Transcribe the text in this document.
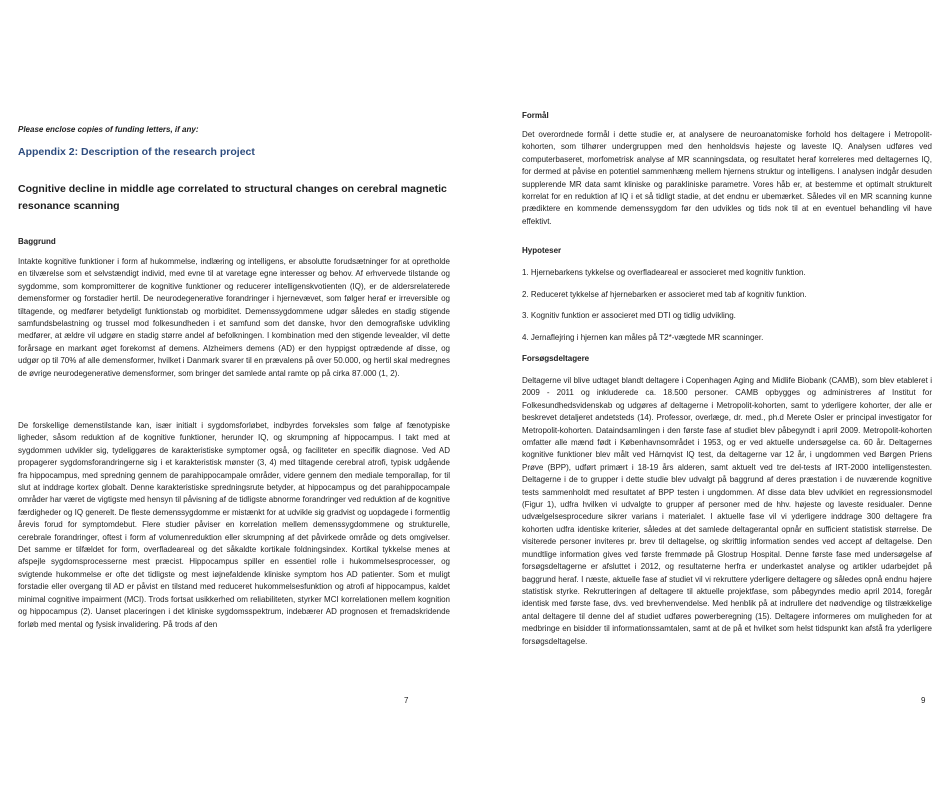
Please enclose copies of funding letters, if any:
Appendix 2: Description of the research project
Cognitive decline in middle age correlated to structural changes on cerebral magnetic resonance scanning
Baggrund

Intakte kognitive funktioner i form af hukommelse, indlæring og intelligens, er absolutte forudsætninger for at opretholde en tilværelse som et selvstændigt individ, med evne til at varetage egne interesser og behov. Af erhvervede tilstande og sygdomme, som kompromitterer de kognitive funktioner og reducerer intelligenskvotienten (IQ), er de aldersrelaterede demensformer og forstadier hertil. De neurodegenerative forandringer i hjernevævet, som følger heraf er irreversible og tiltagende, og medfører betydeligt funktionstab og morbiditet. Demenssygdommene udgør således en stadig stigende samfundsbelastning og trussel mod folkesundheden i et samfund som det danske, hvor den demografiske udvikling medfører, at ældre vil udgøre en stadig større andel af befolkningen. I kombination med den stigende levealder, vil dette forårsage en markant øget forekomst af demens. Alzheimers demens (AD) er den hyppigst optrædende af disse, og udgør op til 70% af alle demensformer, hvilket i Danmark svarer til en prævalens på over 50.000, og hertil skal medregnes de øvrige neurodegenerative demensformer, som bringer det samlede antal ramte op på cirka 87.000 (1, 2).

De forskellige demenstilstande kan, især initialt i sygdomsforløbet, indbyrdes forveksles som følge af fænotypiske ligheder, såsom reduktion af de kognitive funktioner, herunder IQ, og skrumpning af hippocampus. I takt med at sygdommen udvikler sig, tydeliggøres de karakteristiske symptomer også, og faciliteter en specifik diagnose. Ved AD propagerer sygdomsforandringerne sig i et karakteristisk mønster (3, 4) med tiltagende cerebral atrofi, typisk udgående fra hippocampus, med spredning gennem de parahippocampale områder, videre gennem den mediale temporallap, for til slut at inddrage kortex globalt. Denne karakteristiske spredningsrute betyder, at hippocampus og det parahippocampale områder har været de vigtigste med hensyn til påvisning af de tidligste abnorme forandringer ved reduktion af de kognitive færdigheder og IQ generelt. De fleste demenssygdomme er mistænkt for at udvikle sig gradvist og uopdagede i formentlig årevis forud for symptomdebut. Flere studier påviser en korrelation mellem demenssygdommene og strukturelle, cerebrale forandringer, oftest i form af volumenreduktion eller skrumpning af det påvirkede område og dets omgivelser. Det samme er tilfældet for form, overfladeareal og det såkaldte kortikale foldningsindex. Kortikal tykkelse menes at afspejle sygdomsprocesserne mest præcist. Hippocampus spiller en essentiel rolle i hukommelsesprocesser, og svigtende hukommelse er ofte det tidligste og mest iøjnefaldende kliniske symptom hos AD patienter. Som et muligt forstadie eller overgang til AD er påvist en tilstand med reduceret hukommelsesfunktion og atrofi af hippocampus, kaldet minimal cognitive impairment (MCI). Trods fortsat usikkerhed om reliabiliteten, styrker MCI korrelationen mellem kognition og hippocampus (2). Uanset placeringen i det kliniske sygdomsspektrum, indebærer AD prognosen et fremadskridende forløb med mental og fysisk invalidering. På trods af den

7
Formål

Det overordnede formål i dette studie er, at analysere de neuroanatomiske forhold hos deltagere i Metropolit-kohorten, som tilhører undergruppen med den henholdsvis højeste og laveste IQ. Analysen udføres ved computerbaseret, morfometrisk analyse af MR scanningsdata, og resultatet heraf korreleres med deltagernes IQ, for dermed at påvise en potentiel sammenhæng mellem hjernens struktur og intelligens. I analysen indgår desuden supplerende MR data samt kliniske og parakliniske parametre. Vores håb er, at bestemme et optimalt strukturelt korrelat for en reduktion af IQ i et så tidligt stadie, at det endnu er ubemærket. Således vil en MR scanning kunne prædiktere en kommende demenssygdom før den udvikles og tids nok til at en eventuel behandling vil have effektivt.

Hypoteser
1. Hjernebarkens tykkelse og overfladeareal er associeret med kognitiv funktion.
2. Reduceret tykkelse af hjernebarken er associeret med tab af kognitiv funktion.
3. Kognitiv funktion er associeret med DTI og tidlig udvikling.
4. Jernaflejring i hjernen kan måles på T2*-vægtede MR scanninger.
Forsøgsdeltagere

Deltagerne vil blive udtaget blandt deltagere i Copenhagen Aging and Midlife Biobank (CAMB), som blev etableret i 2009 - 2011 og inkluderede ca. 18.500 personer. CAMB opbygges og administreres af Institut for Folkesundhedsvidenskab og udgøres af deltagerne i Metropolit-kohorten, samt to yderligere kohorter, der alle er beskrevet detaljeret andetsteds (14). Professor, overlæge, dr. med., ph.d Merete Osler er principal investigator for Metropolit-kohorten. Dataindsamlingen i den første fase af studiet blev påbegyndt i april 2009. Metropolit-kohorten omfatter alle mænd født i Københavnsområdet i 1953, og er ved aktuelle undersøgelse ca. 60 år. Deltagernes kognitive funktioner blev målt ved Härnqvist IQ test, da deltagerne var 12 år, i ungdommen ved Børgen Priens Prøve (BPP), udført primært i 18-19 års alderen, samt aktuelt ved tre del-tests af IRT-2000 intelligenstesten. Deltagerne i de to grupper i dette studie blev udvalgt på baggrund af deres præstation i de nuværende kognitive tests sammenholdt med resultatet af BPP testen i ungdommen. Af disse data blev udvikiet en regressionsmodel (Figur 1), udfra hvilken vi udvalgte to grupper af personer med de hhv. højeste og laveste residualer. Denne udvælgelsesprocedure sikrer varians i materialet. I aktuelle fase vil vi yderligere inddrage 300 deltagere fra kohorten udfra identiske kriterier, således at det samlede deltagerantal opnår en sufficient statistisk størrelse. De visiterede personer inviteres pr. brev til deltagelse, og skriftlig information sendes ved accept af deltagelse. Den mundtlige information gives ved første fremmøde på Glostrup Hospital. Denne første fase med undersøgelse af forsøgsdeltagerne er afsluttet i 2012, og resultaterne herfra er underkastet analyse og artikler udarbejdet på baggrund heraf. I næste, aktuelle fase af studiet vil vi rekruttere yderligere deltagere og således opnå endnu højere statistisk styrke. Rekrutteringen af deltagere til aktuelle projektfase, som påbegyndes medio april 2014, foregår identisk med første fase, dvs. ved brevhenvendelse. Med henblik på at indrullere det nødvendige og tilstrækkelige antal deltagere til denne del af studiet udføres powerberegning (15). Deltagere informeres om muligheden for at medbringe en bisidder til informationssamtalen, samt at de på et hvilket som helst tidspunkt kan afstå fra yderligere forsøgsdeltagelse.

9
